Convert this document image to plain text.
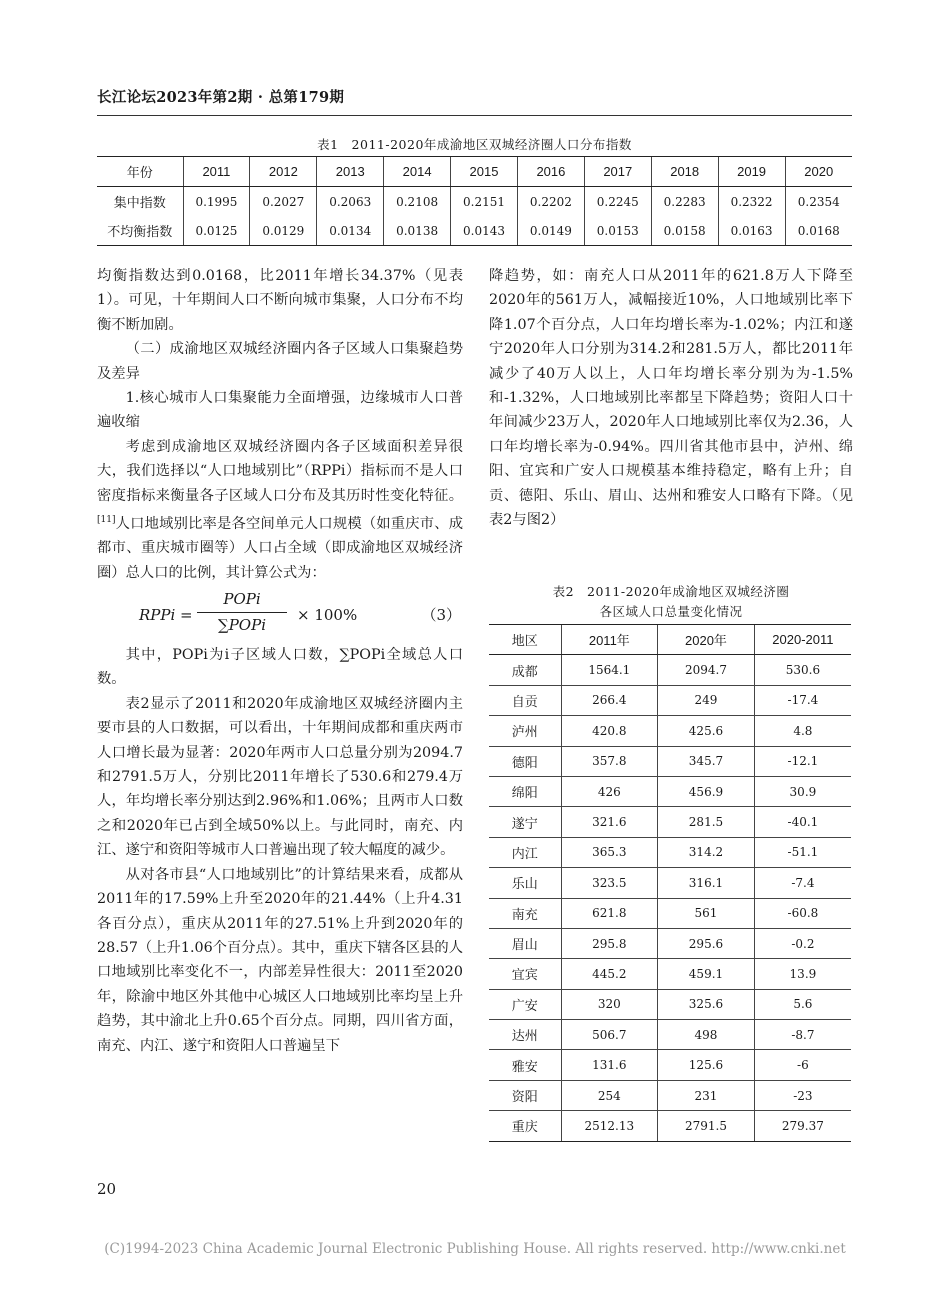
长江论坛2023年第2期 · 总第179期
表1　2011-2020年成渝地区双城经济圈人口分布指数
年份	2011	2012	2013	2014	2015	2016	2017	2018	2019	2020
集中指数	0.1995	0.2027	0.2063	0.2108	0.2151	0.2202	0.2245	0.2283	0.2322	0.2354
不均衡指数	0.0125	0.0129	0.0134	0.0138	0.0143	0.0149	0.0153	0.0158	0.0163	0.0168

均衡指数达到0.0168，比2011年增长34.37%（见表1）。可见，十年期间人口不断向城市集聚，人口分布不均衡不断加剧。

（二）成渝地区双城经济圈内各子区域人口集聚趋势及差异

1.核心城市人口集聚能力全面增强，边缘城市人口普遍收缩

考虑到成渝地区双城经济圈内各子区域面积差异很大，我们选择以“人口地域别比”（RPPi）指标而不是人口密度指标来衡量各子区域人口分布及其历时性变化特征。[11]人口地域别比率是各空间单元人口规模（如重庆市、成都市、重庆城市圈等）人口占全域（即成渝地区双城经济圈）总人口的比例，其计算公式为：

RPPi =
POPi
∑POPi
× 100%	（3）

其中，POPi为i子区域人口数，∑POPi全域总人口数。

表2显示了2011和2020年成渝地区双城经济圈内主要市县的人口数据，可以看出，十年期间成都和重庆两市人口增长最为显著：2020年两市人口总量分别为2094.7和2791.5万人，分别比2011年增长了530.6和279.4万人，年均增长率分别达到2.96%和1.06%；且两市人口数之和2020年已占到全域50%以上。与此同时，南充、内江、遂宁和资阳等城市人口普遍出现了较大幅度的减少。

从对各市县“人口地域别比”的计算结果来看，成都从2011年的17.59%上升至2020年的21.44%（上升4.31各百分点），重庆从2011年的27.51%上升到2020年的28.57（上升1.06个百分点）。其中，重庆下辖各区县的人口地域别比率变化不一，内部差异性很大：2011至2020年，除渝中地区外其他中心城区人口地域别比率均呈上升趋势，其中渝北上升0.65个百分点。同期，四川省方面，南充、内江、遂宁和资阳人口普遍呈下

降趋势，如：南充人口从2011年的621.8万人下降至2020年的561万人，减幅接近10%，人口地域别比率下降1.07个百分点，人口年均增长率为-1.02%；内江和遂宁2020年人口分别为314.2和281.5万人，都比2011年减少了40万人以上，人口年均增长率分别为为-1.5%和-1.32%，人口地域别比率都呈下降趋势；资阳人口十年间减少23万人，2020年人口地域别比率仅为2.36，人口年均增长率为-0.94%。四川省其他市县中，泸州、绵阳、宜宾和广安人口规模基本维持稳定，略有上升；自贡、德阳、乐山、眉山、达州和雅安人口略有下降。（见表2与图2）

表2　2011-2020年成渝地区双城经济圈
各区域人口总量变化情况
地区	2011年	2020年	2020-2011
成都	1564.1	2094.7	530.6
自贡	266.4	249	-17.4
泸州	420.8	425.6	4.8
德阳	357.8	345.7	-12.1
绵阳	426	456.9	30.9
遂宁	321.6	281.5	-40.1
内江	365.3	314.2	-51.1
乐山	323.5	316.1	-7.4
南充	621.8	561	-60.8
眉山	295.8	295.6	-0.2
宜宾	445.2	459.1	13.9
广安	320	325.6	5.6
达州	506.7	498	-8.7
雅安	131.6	125.6	-6
资阳	254	231	-23
重庆	2512.13	2791.5	279.37
20
(C)1994-2023 China Academic Journal Electronic Publishing House. All rights reserved. http://www.cnki.net
